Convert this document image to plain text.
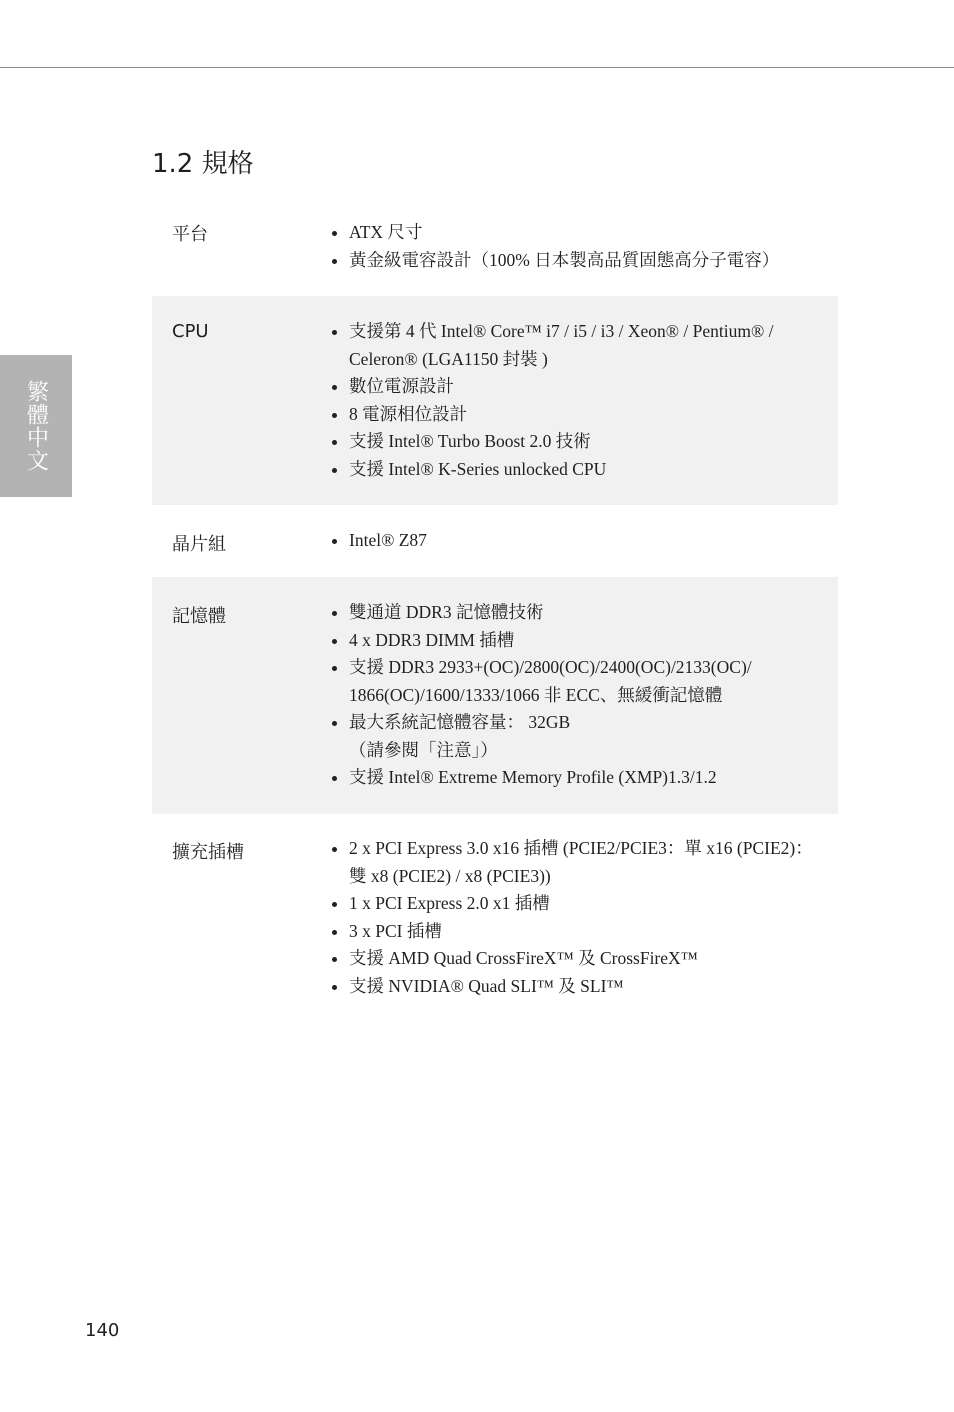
繁體中文
1.2 規格
平台	ATX 尺寸
黃金級電容設計（100% 日本製高品質固態高分子電容）
CPU	支援第 4 代 Intel® Core™ i7 / i5 / i3 / Xeon® / Pentium® /
Celeron® (LGA1150 封裝 )
數位電源設計
8 電源相位設計
支援 Intel® Turbo Boost 2.0 技術
支援 Intel® K-Series unlocked CPU
晶片組	Intel® Z87
記憶體	雙通道 DDR3 記憶體技術
4 x DDR3 DIMM 插槽
支援 DDR3 2933+(OC)/2800(OC)/2400(OC)/2133(OC)/
1866(OC)/1600/1333/1066 非 ECC、無緩衝記憶體
最大系統記憶體容量： 32GB
（請參閱「注意」）
支援 Intel® Extreme Memory Profile (XMP)1.3/1.2
擴充插槽	2 x PCI Express 3.0 x16 插槽 (PCIE2/PCIE3：單 x16 (PCIE2)：
雙 x8 (PCIE2) / x8 (PCIE3))
1 x PCI Express 2.0 x1 插槽
3 x PCI 插槽
支援 AMD Quad CrossFireX™ 及 CrossFireX™
支援 NVIDIA® Quad SLI™ 及 SLI™
140
